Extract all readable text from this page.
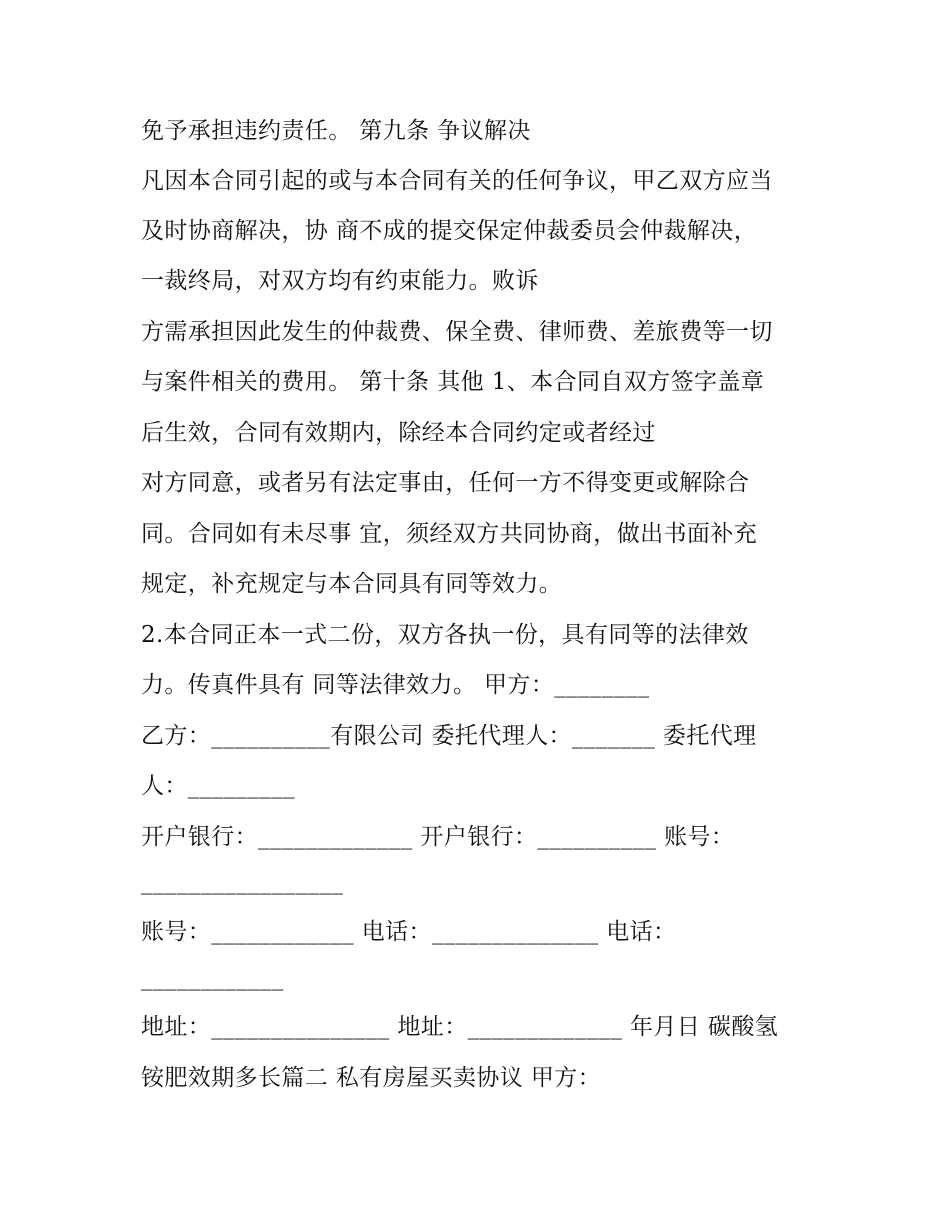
免予承担违约责任。 第九条 争议解决
凡因本合同引起的或与本合同有关的任何争议，甲乙双方应当
及时协商解决，协 商不成的提交保定仲裁委员会仲裁解决，
一裁终局，对双方均有约束能力。败诉
方需承担因此发生的仲裁费、保全费、律师费、差旅费等一切
与案件相关的费用。 第十条 其他 1、本合同自双方签字盖章
后生效，合同有效期内，除经本合同约定或者经过
对方同意，或者另有法定事由，任何一方不得变更或解除合
同。合同如有未尽事 宜，须经双方共同协商，做出书面补充
规定，补充规定与本合同具有同等效力。
2.本合同正本一式二份，双方各执一份，具有同等的法律效
力。传真件具有 同等法律效力。 甲方：________
乙方：__________有限公司 委托代理人：_______ 委托代理
人：_________
开户银行：_____________ 开户银行：__________ 账号：
_________________
账号：____________ 电话：______________ 电话：
____________
地址：_______________ 地址：_____________ 年月日 碳酸氢
铵肥效期多长篇二 私有房屋买卖协议 甲方：
